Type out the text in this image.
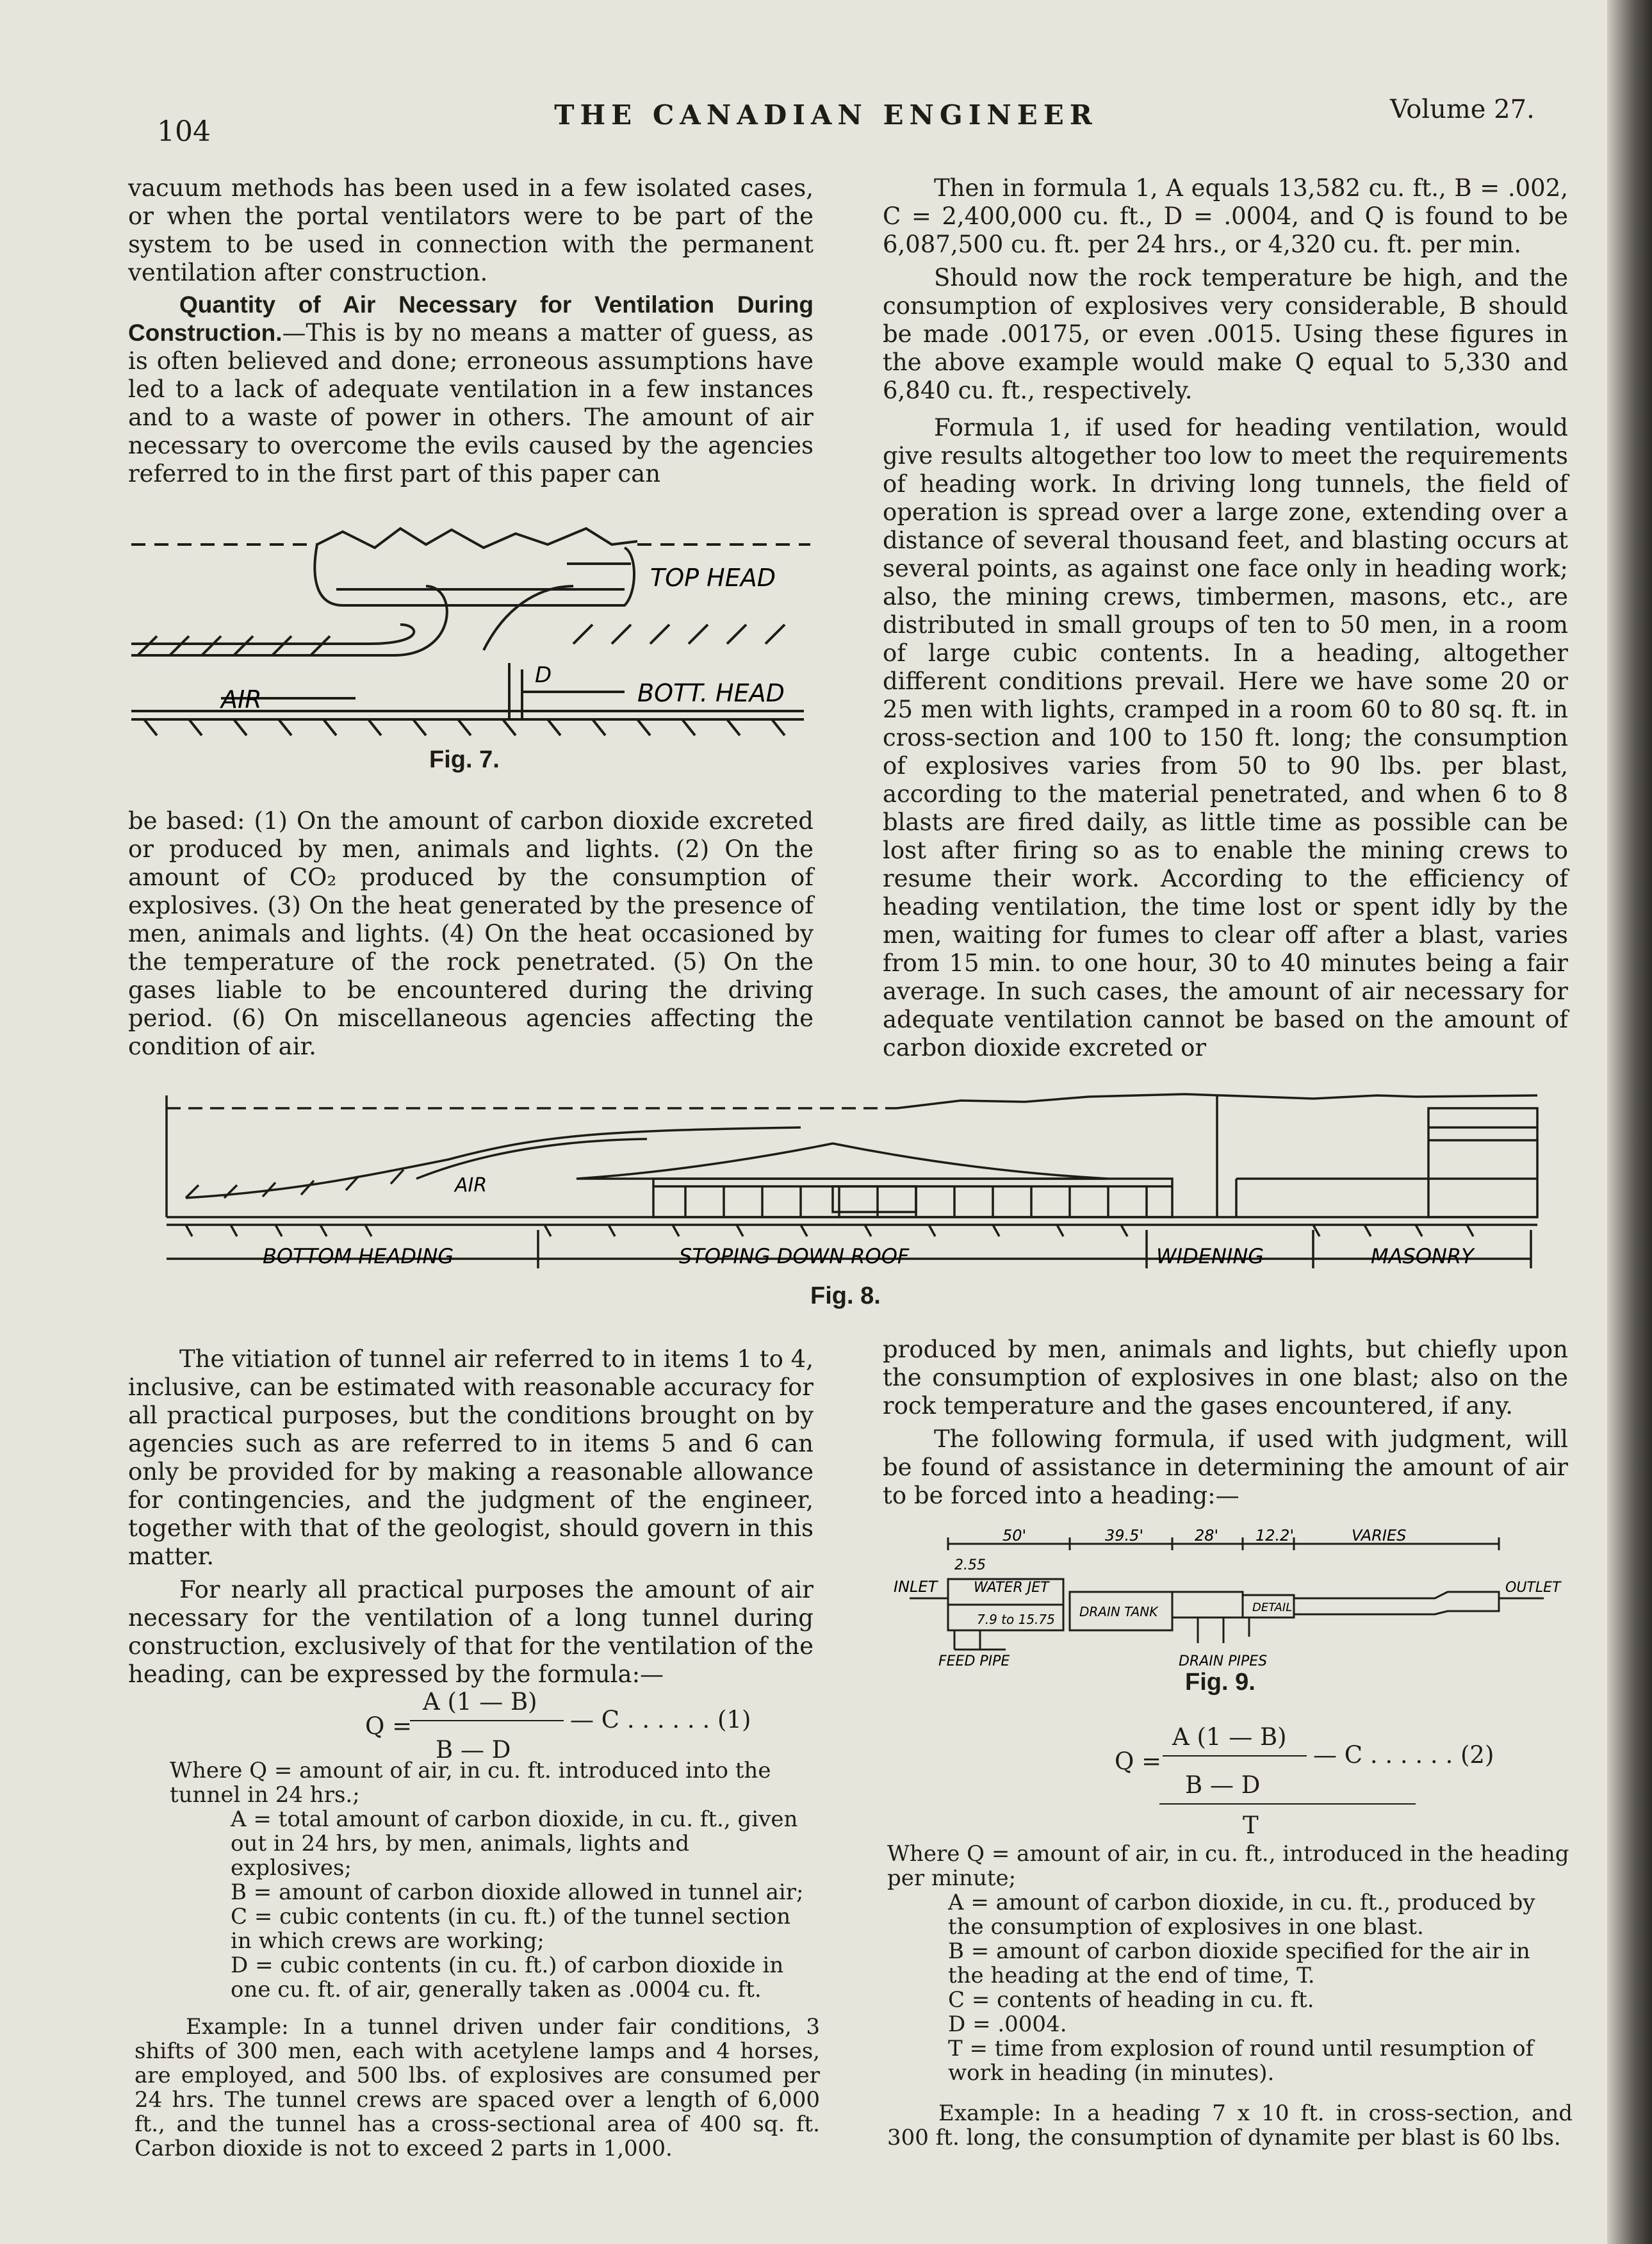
104
THE CANADIAN ENGINEER	Volume 27.

vacuum methods has been used in a few isolated cases, or when the portal ventilators were to be part of the system to be used in connection with the permanent ventilation after construction.

Quantity of Air Necessary for Ventilation During Construction.—This is by no means a matter of guess, as is often believed and done; erroneous assumptions have led to a lack of adequate ventilation in a few instances and to a waste of power in others. The amount of air necessary to overcome the evils caused by the agencies referred to in the first part of this paper can

TOP HEAD
AIR
D
BOTT. HEAD
Fig. 7.

be based: (1) On the amount of carbon dioxide excreted or produced by men, animals and lights. (2) On the amount of CO₂ produced by the consumption of explosives. (3) On the heat generated by the presence of men, animals and lights. (4) On the heat occasioned by the temperature of the rock penetrated. (5) On the gases liable to be encountered during the driving period. (6) On miscellaneous agencies affecting the condition of air.

Then in formula 1, A equals 13,582 cu. ft., B = .002, C = 2,400,000 cu. ft., D = .0004, and Q is found to be 6,087,500 cu. ft. per 24 hrs., or 4,320 cu. ft. per min.

Should now the rock temperature be high, and the consumption of explosives very considerable, B should be made .00175, or even .0015. Using these figures in the above example would make Q equal to 5,330 and 6,840 cu. ft., respectively.

Formula 1, if used for heading ventilation, would give results altogether too low to meet the requirements of heading work. In driving long tunnels, the field of operation is spread over a large zone, extending over a distance of several thousand feet, and blasting occurs at several points, as against one face only in heading work; also, the mining crews, timbermen, masons, etc., are distributed in small groups of ten to 50 men, in a room of large cubic contents. In a heading, altogether different conditions prevail. Here we have some 20 or 25 men with lights, cramped in a room 60 to 80 sq. ft. in cross-section and 100 to 150 ft. long; the consumption of explosives varies from 50 to 90 lbs. per blast, according to the material penetrated, and when 6 to 8 blasts are fired daily, as little time as possible can be lost after firing so as to enable the mining crews to resume their work. According to the efficiency of heading ventilation, the time lost or spent idly by the men, waiting for fumes to clear off after a blast, varies from 15 min. to one hour, 30 to 40 minutes being a fair average. In such cases, the amount of air necessary for adequate ventilation cannot be based on the amount of carbon dioxide excreted or

AIR
BOTTOM HEADING	STOPING DOWN ROOF	WIDENING	MASONRY
Fig. 8.

The vitiation of tunnel air referred to in items 1 to 4, inclusive, can be estimated with reasonable accuracy for all practical purposes, but the conditions brought on by agencies such as are referred to in items 5 and 6 can only be provided for by making a reasonable allowance for contingencies, and the judgment of the engineer, together with that of the geologist, should govern in this matter.

For nearly all practical purposes the amount of air necessary for the ventilation of a long tunnel during construction, exclusively of that for the ventilation of the heading, can be expressed by the formula:—

Q =
A (1 — B)
B — D
— C . . . . . . (1)
Where Q = amount of air, in cu. ft. introduced into the tunnel in 24 hrs.;
A = total amount of carbon dioxide, in cu. ft., given out in 24 hrs, by men, animals, lights and explosives;
B = amount of carbon dioxide allowed in tunnel air;
C = cubic contents (in cu. ft.) of the tunnel section in which crews are working;
D = cubic contents (in cu. ft.) of carbon dioxide in one cu. ft. of air, generally taken as .0004 cu. ft.
Example: In a tunnel driven under fair conditions, 3 shifts of 300 men, each with acetylene lamps and 4 horses, are employed, and 500 lbs. of explosives are consumed per 24 hrs. The tunnel crews are spaced over a length of 6,000 ft., and the tunnel has a cross-sectional area of 400 sq. ft. Carbon dioxide is not to exceed 2 parts in 1,000.

produced by men, animals and lights, but chiefly upon the consumption of explosives in one blast; also on the rock temperature and the gases encountered, if any.

The following formula, if used with judgment, will be found of assistance in determining the amount of air to be forced into a heading:—

50'	39.5'	28' 12.2'	VARIES
2.55
INLET	WATER JET
7.9 to 15.75 DRAIN TANK	DETAIL
OUTLET
FEED PIPE	DRAIN PIPES
Fig. 9.
Q =
A (1 — B)
B — D
— C . . . . . . (2)
T
Where Q = amount of air, in cu. ft., introduced in the heading per minute;
A = amount of carbon dioxide, in cu. ft., produced by the consumption of explosives in one blast.
B = amount of carbon dioxide specified for the air in the heading at the end of time, T.
C = contents of heading in cu. ft.
D = .0004.
T = time from explosion of round until resumption of work in heading (in minutes).
Example: In a heading 7 x 10 ft. in cross-section, and 300 ft. long, the consumption of dynamite per blast is 60 lbs.
